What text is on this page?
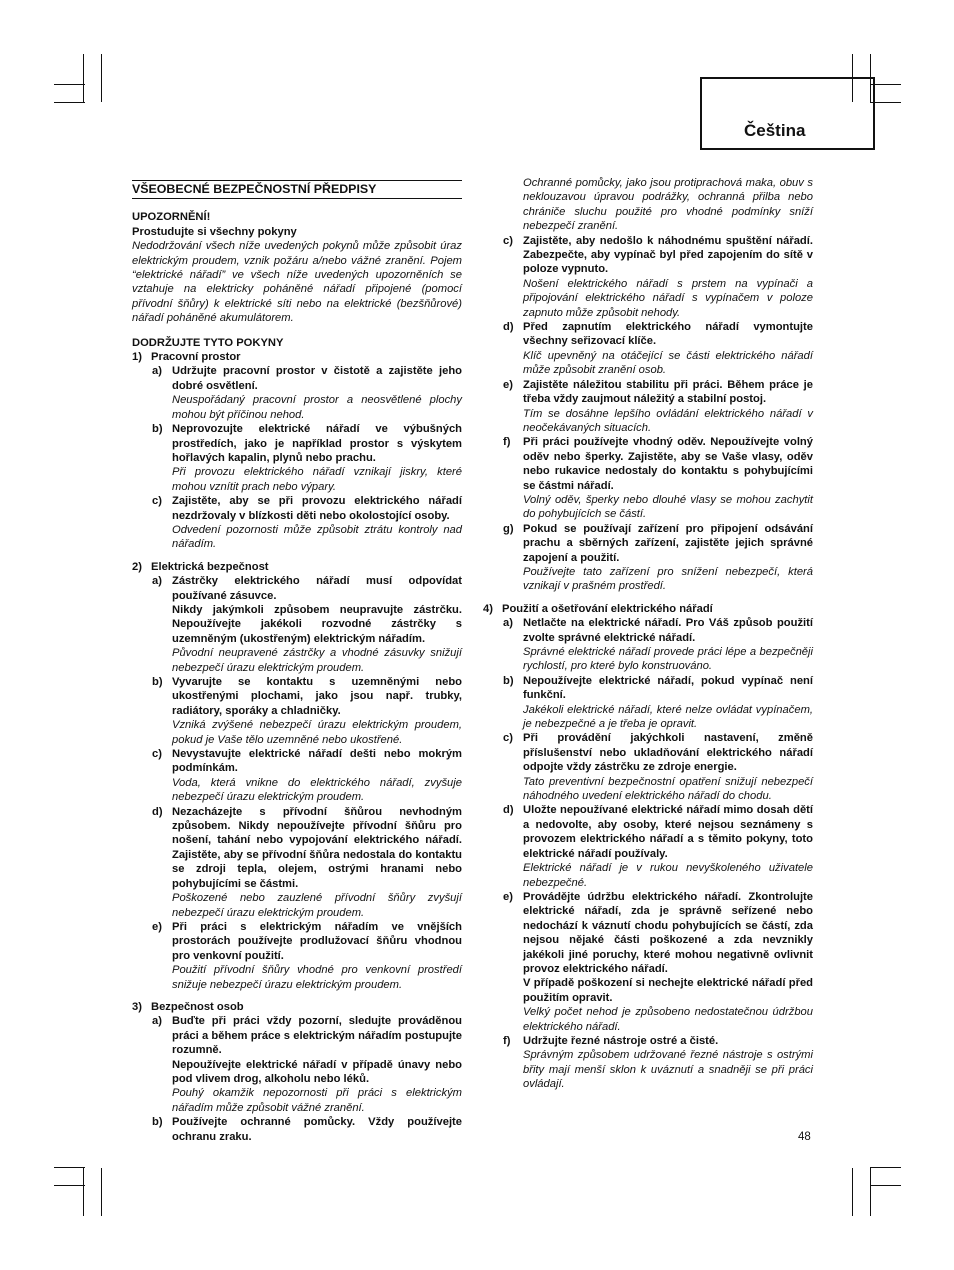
Čeština
VŠEOBECNÉ BEZPEČNOSTNÍ PŘEDPISY
UPOZORNĚNÍ!
Prostudujte si všechny pokyny
Nedodržování všech níže uvedených pokynů může způsobit úraz elektrickým proudem, vznik požáru a/nebo vážné zranění. Pojem “elektrické nářadí” ve všech níže uvedených upozorněních se vztahuje na elektricky poháněné nářadí připojené (pomocí přívodní šňůry) k elektrické síti nebo na elektrické (bezšňůrové) nářadí poháněné akumulátorem.
DODRŽUJTE TYTO POKYNY
1) Pracovní prostor
a) Udržujte pracovní prostor v čistotě a zajistěte jeho dobré osvětlení.
Neuspořádaný pracovní prostor a neosvětlené plochy mohou být příčinou nehod.
b) Neprovozujte elektrické nářadí ve výbušných prostředích, jako je například prostor s výskytem hořlavých kapalin, plynů nebo prachu.
Při provozu elektrického nářadí vznikají jiskry, které mohou vznítit prach nebo výpary.
c) Zajistěte, aby se při provozu elektrického nářadí nezdržovaly v blízkosti děti nebo okolostojící osoby.
Odvedení pozornosti může způsobit ztrátu kontroly nad nářadím.
2) Elektrická bezpečnost
a) Zástrčky elektrického nářadí musí odpovídat používané zásuvce.
Nikdy jakýmkoli způsobem neupravujte zástrčku. Nepoužívejte jakékoli rozvodné zástrčky s uzemněným (ukostřeným) elektrickým nářadím.
Původní neupravené zástrčky a vhodné zásuvky snižují nebezpečí úrazu elektrickým proudem.
b) Vyvarujte se kontaktu s uzemněnými nebo ukostřenými plochami, jako jsou např. trubky, radiátory, sporáky a chladničky.
Vzniká zvýšené nebezpečí úrazu elektrickým proudem, pokud je Vaše tělo uzemněné nebo ukostřené.
c) Nevystavujte elektrické nářadí dešti nebo mokrým podmínkám.
Voda, která vnikne do elektrického nářadí, zvyšuje nebezpečí úrazu elektrickým proudem.
d) Nezacházejte s přívodní šňůrou nevhodným způsobem. Nikdy nepoužívejte přívodní šňůru pro nošení, tahání nebo vypojování elektrického nářadí. Zajistěte, aby se přívodní šňůra nedostala do kontaktu se zdroji tepla, olejem, ostrými hranami nebo pohybujícími se částmi.
Poškozené nebo zauzlené přívodní šňůry zvyšují nebezpečí úrazu elektrickým proudem.
e) Při práci s elektrickým nářadím ve vnějších prostorách používejte prodlužovací šňůru vhodnou pro venkovní použití.
Použití přívodní šňůry vhodné pro venkovní prostředí snižuje nebezpečí úrazu elektrickým proudem.
3) Bezpečnost osob
a) Buďte při práci vždy pozorní, sledujte prováděnou práci a během práce s elektrickým nářadím postupujte rozumně.
Nepoužívejte elektrické nářadí v případě únavy nebo pod vlivem drog, alkoholu nebo léků.
Pouhý okamžik nepozornosti při práci s elektrickým nářadím může způsobit vážné zranění.
b) Používejte ochranné pomůcky. Vždy používejte ochranu zraku.
Ochranné pomůcky, jako jsou protiprachová maka, obuv s neklouzavou úpravou podrážky, ochranná přilba nebo chrániče sluchu použité pro vhodné podmínky sníží nebezpečí zranění.
c) Zajistěte, aby nedošlo k náhodnému spuštění nářadí. Zabezpečte, aby vypínač byl před zapojením do sítě v poloze vypnuto.
Nošení elektrického nářadí s prstem na vypínači a připojování elektrického nářadí s vypínačem v poloze zapnuto může způsobit nehody.
d) Před zapnutím elektrického nářadí vymontujte všechny seřizovací klíče.
Klíč upevněný na otáčející se části elektrického nářadí může způsobit zranění osob.
e) Zajistěte náležitou stabilitu při práci. Během práce je třeba vždy zaujmout náležitý a stabilní postoj.
Tím se dosáhne lepšího ovládání elektrického nářadí v neočekávaných situacích.
f) Při práci používejte vhodný oděv. Nepoužívejte volný oděv nebo šperky. Zajistěte, aby se Vaše vlasy, oděv nebo rukavice nedostaly do kontaktu s pohybujícími se částmi nářadí.
Volný oděv, šperky nebo dlouhé vlasy se mohou zachytit do pohybujících se částí.
g) Pokud se používají zařízení pro připojení odsávání prachu a sběrných zařízení, zajistěte jejich správné zapojení a použití.
Používejte tato zařízení pro snížení nebezpečí, která vznikají v prašném prostředí.
4) Použití a ošetřování elektrického nářadí
a) Netlačte na elektrické nářadí. Pro Váš způsob použití zvolte správné elektrické nářadí.
Správné elektrické nářadí provede práci lépe a bezpečněji rychlostí, pro které bylo konstruováno.
b) Nepoužívejte elektrické nářadí, pokud vypínač není funkční.
Jakékoli elektrické nářadí, které nelze ovládat vypínačem, je nebezpečné a je třeba je opravit.
c) Při provádění jakýchkoli nastavení, změně příslušenství nebo ukladňování elektrického nářadí odpojte vždy zástrčku ze zdroje energie.
Tato preventivní bezpečnostní opatření snižují nebezpečí náhodného uvedení elektrického nářadí do chodu.
d) Uložte nepoužívané elektrické nářadí mimo dosah dětí a nedovolte, aby osoby, které nejsou seznámeny s provozem elektrického nářadí a s těmito pokyny, toto elektrické nářadí používaly.
Elektrické nářadí je v rukou nevyškoleného uživatele nebezpečné.
e) Provádějte údržbu elektrického nářadí. Zkontrolujte elektrické nářadí, zda je správně seřízené nebo nedochází k váznutí chodu pohybujících se částí, zda nejsou nějaké části poškozené a zda nevznikly jakékoli jiné poruchy, které mohou negativně ovlivnit provoz elektrického nářadí.
V případě poškození si nechejte elektrické nářadí před použitím opravit.
Velký počet nehod je způsobeno nedostatečnou údržbou elektrického nářadí.
f) Udržujte řezné nástroje ostré a čisté.
Správným způsobem udržované řezné nástroje s ostrými břity mají menší sklon k uváznutí a snadněji se při práci ovládají.
48
